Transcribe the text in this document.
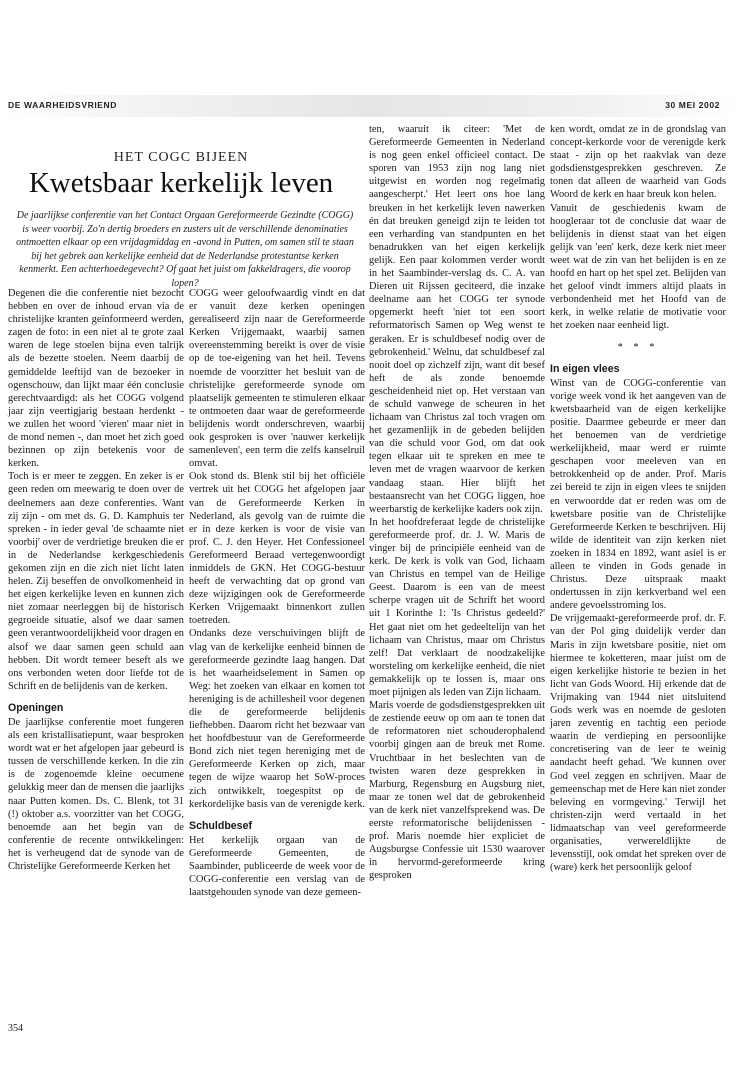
DE WAARHEIDSVRIEND	30 MEI 2002
HET COGC BIJEEN
Kwetsbaar kerkelijk leven
De jaarlijkse conferentie van het Contact Orgaan Gereformeerde Gezindte (COGG) is weer voorbij. Zo'n dertig broeders en zusters uit de verschillende denominaties ontmoetten elkaar op een vrijdagmiddag en -avond in Putten, om samen stil te staan bij het gebrek aan kerkelijke eenheid dat de Nederlandse protestantse kerken kenmerkt. Een achterhoedegevecht? Of gaat het juist om fakkeldragers, die voorop lopen?

Degenen die die conferentie niet bezocht hebben en over de inhoud ervan via de christelijke kranten geïnformeerd werden, zagen de foto: in een niet al te grote zaal waren de lege stoelen bijna even talrijk als de bezette stoelen. Neem daarbij de gemiddelde leeftijd van de bezoeker in ogenschouw, dan lijkt maar één conclusie gerechtvaardigd: als het COGG volgend jaar zijn veertigjarig bestaan herdenkt - we zullen het woord 'vieren' maar niet in de mond nemen -, dan moet het zich goed bezinnen op zijn betekenis voor de kerken.

Toch is er meer te zeggen. En zeker is er geen reden om meewarig te doen over de deelnemers aan deze conferenties. Want zij zijn - om met ds. G. D. Kamphuis ter spreken - in ieder geval 'de schaamte niet voorbij' over de verdrietige breuken die er in de Nederlandse kerkgeschiedenis gekomen zijn en die zich niet licht laten helen. Zij beseffen de onvolkomenheid in het eigen kerkelijke leven en kunnen zich niet zomaar neerleggen bij de historisch gegroeide situatie, alsof we daar samen geen verantwoordelijkheid voor dragen en alsof we daar samen geen schuld aan hebben. Dit wordt temeer beseft als we ons verbonden weten door liefde tot de Schrift en de belijdenis van de kerken.

Openingen

De jaarlijkse conferentie moet fungeren als een kristallisatiepunt, waar besproken wordt wat er het afgelopen jaar gebeurd is tussen de verschillende kerken. In die zin is de zogenoemde kleine oecumene gelukkig meer dan de mensen die jaarlijks naar Putten komen. Ds. C. Blenk, tot 31 (!) oktober a.s. voorzitter van het COGG, benoemde aan het begin van de conferentie de recente ontwikkelingen: het is verheugend dat de synode van de Christelijke Gereformeerde Kerken het

COGG weer geloofwaardig vindt en dat er vanuit deze kerken openingen gerealiseerd zijn naar de Gereformeerde Kerken Vrijgemaakt, waarbij samen overeenstemming bereikt is over de visie op de toe-eigening van het heil. Tevens noemde de voorzitter het besluit van de christelijke gereformeerde synode om plaatselijk gemeenten te stimuleren elkaar te ontmoeten daar waar de gereformeerde belijdenis wordt onderschreven, waarbij ook gesproken is over 'nauwer kerkelijk samenleven', een term die zelfs kanselruil omvat.

Ook stond ds. Blenk stil bij het officiële vertrek uit het COGG het afgelopen jaar van de Gereformeerde Kerken in Nederland, als gevolg van de ruimte die er in deze kerken is voor de visie van prof. C. J. den Heyer. Het Confessioneel Gereformeerd Beraad vertegenwoordigt inmiddels de GKN. Het COGG-bestuur heeft de verwachting dat op grond van deze wijzigingen ook de Gereformeerde Kerken Vrijgemaakt binnenkort zullen toetreden.

Ondanks deze verschuivingen blijft de vlag van de kerkelijke eenheid binnen de gereformeerde gezindte laag hangen. Dat is het waarheidselement in Samen op Weg: het zoeken van elkaar en komen tot hereniging is de achillesheil voor degenen die de gereformeerde belijdenis liefhebben. Daarom richt het bezwaar van het hoofdbestuur van de Gereformeerde Bond zich niet tegen hereniging met de Gereformeerde Kerken op zich, maar tegen de wijze waarop het SoW-proces zich ontwikkelt, toegespitst op de kerkordelijke basis van de verenigde kerk.

Schuldbesef

Het kerkelijk orgaan van de Gereformeerde Gemeenten, de Saambinder, publiceerde de week voor de COGG-conferentie een verslag van de laatstgehouden synode van deze gemeen-

ten, waaruit ik citeer: 'Met de Gereformeerde Gemeenten in Nederland is nog geen enkel officieel contact. De sporen van 1953 zijn nog lang niet uitgewist en worden nog regelmatig aangescherpt.' Het leert ons hoe lang breuken in het kerkelijk leven nawerken én dat breuken geneigd zijn te leiden tot een verharding van standpunten en het benadrukken van het eigen kerkelijk gelijk. Een paar kolommen verder wordt in het Saambinder-verslag ds. C. A. van Dieren uit Rijssen geciteerd, die inzake deelname aan het COGG ter synode opgemerkt heeft 'niet tot een soort reformatorisch Samen op Weg wenst te geraken. Er is schuldbesef nodig over de gebrokenheid.' Welnu, dat schuldbesef zal nooit doel op zichzelf zijn, want dit besef heft de als zonde benoemde gescheidenheid niet op. Het verstaan van de schuld vanwege de scheuren in het lichaam van Christus zal toch vragen om het gezamenlijk in de gebeden belijden van die schuld voor God, om dat ook tegen elkaar uit te spreken en mee te leven met de vragen waarvoor de kerken vandaag staan. Hier blijft het bestaansrecht van het COGG liggen, hoe weerbarstig de kerkelijke kaders ook zijn.

In het hoofdreferaat legde de christelijke gereformeerde prof. dr. J. W. Maris de vinger bij de principiële eenheid van de kerk. De kerk is volk van God, lichaam van Christus en tempel van de Heilige Geest. Daarom is een van de meest scherpe vragen uit de Schrift het woord uit 1 Korinthe 1: 'Is Christus gedeeld?' Het gaat niet om het gedeeltelijn van het lichaam van Christus, maar om Christus zelf! Dat verklaart de noodzakelijke worsteling om kerkelijke eenheid, die niet gemakkelijk op te lossen is, maar ons moet pijnigen als leden van Zijn lichaam.

Maris voerde de godsdienstgesprekken uit de zestiende eeuw op om aan te tonen dat de reformatoren niet schouderophalend voorbij gingen aan de breuk met Rome. Vruchtbaar in het beslechten van de twisten waren deze gesprekken in Marburg, Regensburg en Augsburg niet, maar ze tonen wel dat de gebrokenheid van de kerk niet vanzelfsprekend was. De eerste reformatorische belijdenissen - prof. Maris noemde hier expliciet de Augsburgse Confessie uit 1530 waarover in hervormd-gereformeerde kring gesproken

ken wordt, omdat ze in de grondslag van concept-kerkorde voor de verenigde kerk staat - zijn op het raakvlak van deze godsdienstgesprekken geschreven. Ze tonen dat alleen de waarheid van Gods Woord de kerk en haar breuk kon helen.

Vanuit de geschiedenis kwam de hoogleraar tot de conclusie dat waar de belijdenis in dienst staat van het eigen gelijk van 'een' kerk, deze kerk niet meer weet wat de zin van het belijden is en ze hoofd en hart op het spel zet. Belijden van het geloof vindt immers altijd plaats in verbondenheid met het Hoofd van de kerk, in welke relatie de motivatie voor het zoeken naar eenheid ligt.

* * *
In eigen vlees

Winst van de COGG-conferentie van vorige week vond ik het aangeven van de kwetsbaarheid van de eigen kerkelijke positie. Daarmee gebeurde er meer dan het benoemen van de verdrietige werkelijkheid, maar werd er ruimte geschapen voor meeleven van en betrokkenheid op de ander. Prof. Maris zei bereid te zijn in eigen vlees te snijden en verwoordde dat er reden was om de kwetsbare positie van de Christelijke Gereformeerde Kerken te beschrijven. Hij wilde de identiteit van zijn kerken niet zoeken in 1834 en 1892, want asiel is er alleen te vinden in Gods genade in Christus. Deze uitspraak maakt ondertussen in zijn kerkverband wel een andere gevoelsstroming los.

De vrijgemaakt-gereformeerde prof. dr. F. van der Pol ging duidelijk verder dan Maris in zijn kwetsbare positie, niet om hiermee te koketteren, maar juist om de eigen kerkelijke historie te bezien in het licht van Gods Woord. Hij erkende dat de Vrijmaking van 1944 niet uitsluitend Gods werk was en noemde de gesloten jaren zeventig en tachtig een periode waarin de verdieping en persoonlijke concretisering van de leer te weinig aandacht heeft gehad. 'We kunnen over God veel zeggen en schrijven. Maar de gemeenschap met de Here kan niet zonder beleving en vormgeving.' Terwijl het christen-zijn werd vertaald in het lidmaatschap van veel gereformeerde organisaties, verwereldlijkte de levensstijl, ook omdat het spreken over de (ware) kerk het persoonlijk geloof

354
